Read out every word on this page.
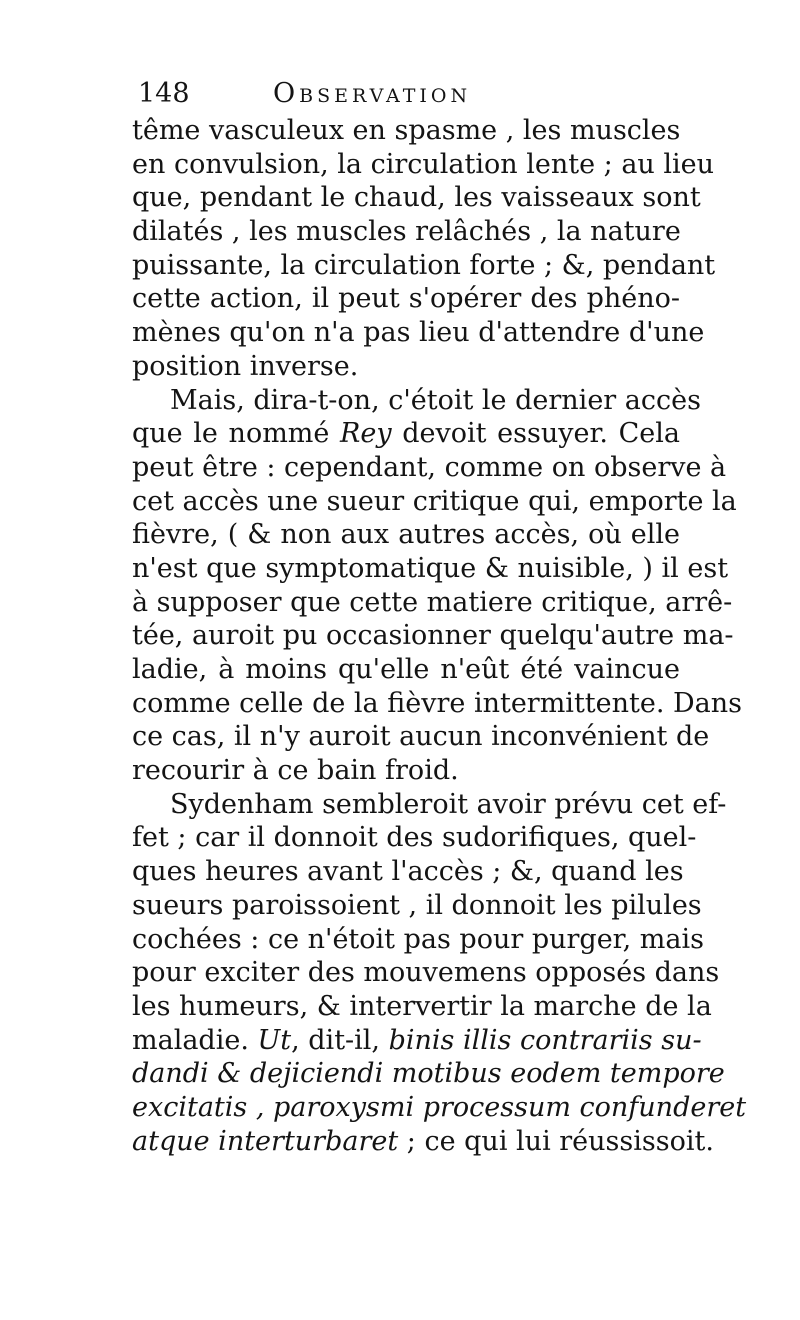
148	Observation
tême vasculeux en spasme , les muscles
en convulsion, la circulation lente ; au lieu
que, pendant le chaud, les vaisseaux sont
dilatés , les muscles relâchés , la nature
puissante, la circulation forte ; &, pendant
cette action, il peut s'opérer des phéno-
mènes qu'on n'a pas lieu d'attendre d'une
position inverse.
Mais, dira-t-on, c'étoit le dernier accès
que le nommé Rey devoit essuyer. Cela
peut être : cependant, comme on observe à
cet accès une sueur critique qui, emporte la
fièvre, ( & non aux autres accès, où elle
n'est que symptomatique & nuisible, ) il est
à supposer que cette matiere critique, arrê-
tée, auroit pu occasionner quelqu'autre ma-
ladie, à moins qu'elle n'eût été vaincue
comme celle de la fièvre intermittente. Dans
ce cas, il n'y auroit aucun inconvénient de
recourir à ce bain froid.
Sydenham sembleroit avoir prévu cet ef-
fet ; car il donnoit des sudorifiques, quel-
ques heures avant l'accès ; &, quand les
sueurs paroissoient , il donnoit les pilules
cochées : ce n'étoit pas pour purger, mais
pour exciter des mouvemens opposés dans
les humeurs, & intervertir la marche de la
maladie. Ut, dit-il, binis illis contrariis su-
dandi & dejiciendi motibus eodem tempore
excitatis , paroxysmi processum confunderet
atque interturbaret ; ce qui lui réussissoit.
